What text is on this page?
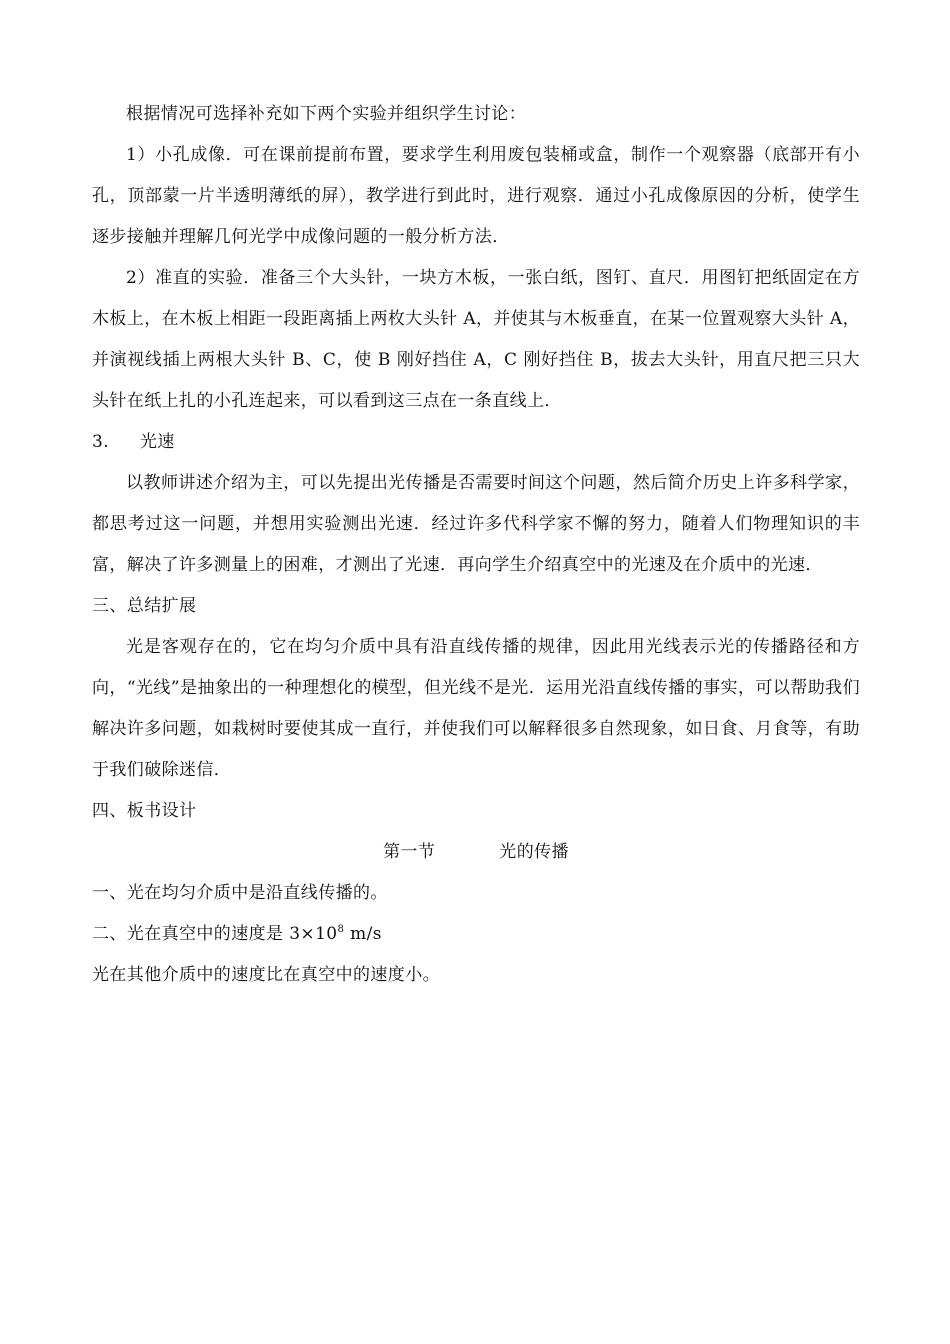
根据情况可选择补充如下两个实验并组织学生讨论：

1）小孔成像．可在课前提前布置，要求学生利用废包装桶或盒，制作一个观察器（底部开有小孔，顶部蒙一片半透明薄纸的屏），教学进行到此时，进行观察．通过小孔成像原因的分析，使学生逐步接触并理解几何光学中成像问题的一般分析方法．

2）准直的实验．准备三个大头针，一块方木板，一张白纸，图钉、直尺．用图钉把纸固定在方木板上，在木板上相距一段距离插上两枚大头针 A，并使其与木板垂直，在某一位置观察大头针 A，并演视线插上两根大头针 B、C，使 B 刚好挡住 A，C 刚好挡住 B，拔去大头针，用直尺把三只大头针在纸上扎的小孔连起来，可以看到这三点在一条直线上．

3. 光速

以教师讲述介绍为主，可以先提出光传播是否需要时间这个问题，然后简介历史上许多科学家，都思考过这一问题，并想用实验测出光速．经过许多代科学家不懈的努力，随着人们物理知识的丰富，解决了许多测量上的困难，才测出了光速．再向学生介绍真空中的光速及在介质中的光速．

三、总结扩展

光是客观存在的，它在均匀介质中具有沿直线传播的规律，因此用光线表示光的传播路径和方向，“光线”是抽象出的一种理想化的模型，但光线不是光．运用光沿直线传播的事实，可以帮助我们解决许多问题，如栽树时要使其成一直行，并使我们可以解释很多自然现象，如日食、月食等，有助于我们破除迷信．

四、板书设计

第一节	光的传播

一、光在均匀介质中是沿直线传播的。

二、光在真空中的速度是 $3\times 10^8$ m/s

光在其他介质中的速度比在真空中的速度小。
